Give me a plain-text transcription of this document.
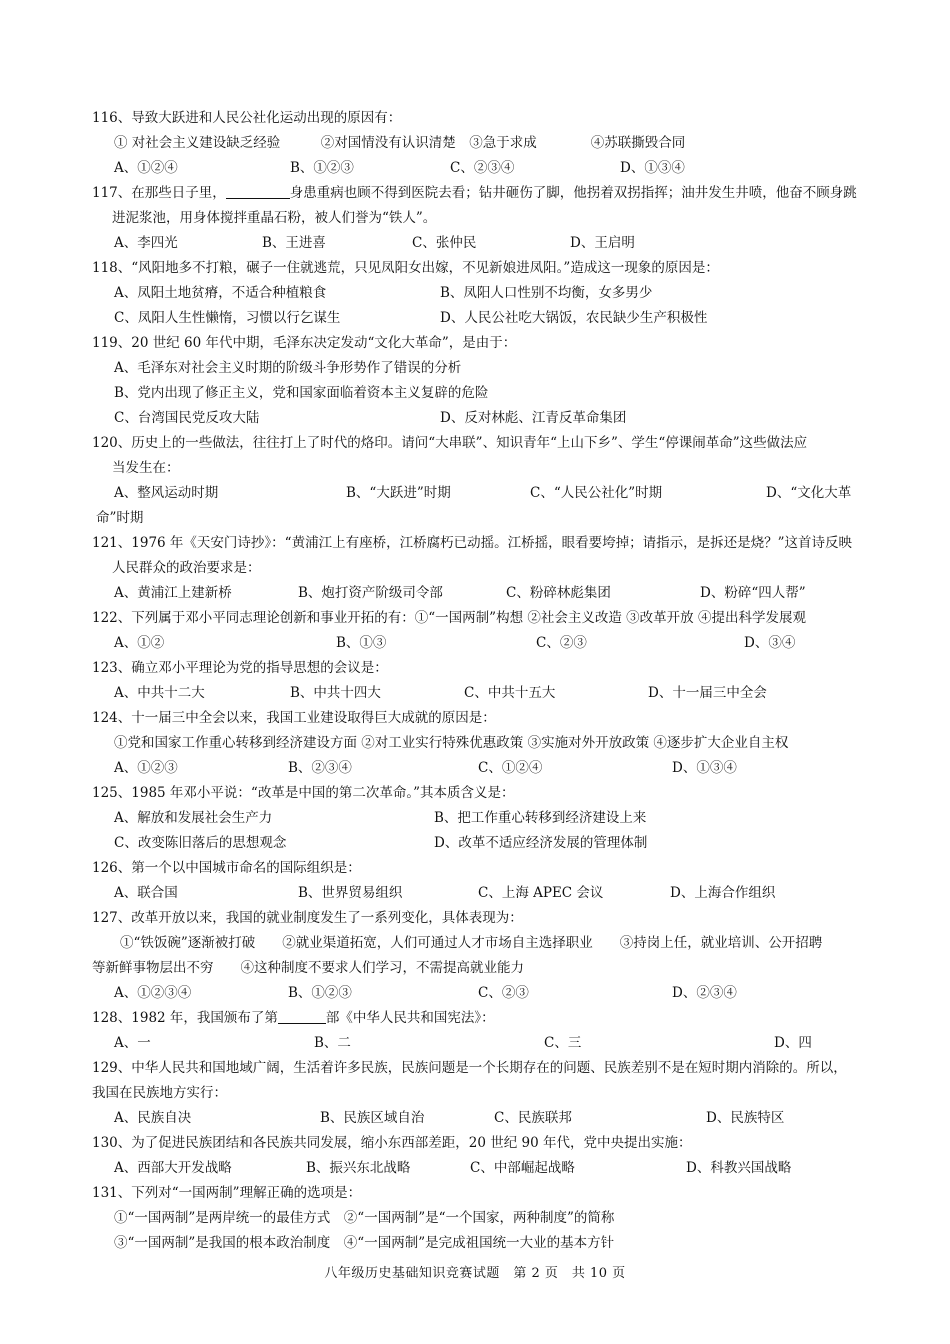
116、导致大跃进和人民公社化运动出现的原因有：
① 对社会主义建设缺乏经验　　　②对国情没有认识清楚　③急于求成　　　　④苏联撕毁合同
A、①②④	B、①②③	C、②③④	D、①③④
117、在那些日子里，	身患重病也顾不得到医院去看；钻井砸伤了脚，他拐着双拐指挥；油井发生井喷，他奋不顾身跳
进泥浆池，用身体搅拌重晶石粉，被人们誉为“铁人”。
A、李四光	B、王进喜	C、张仲民	D、王启明
118、“风阳地多不打粮，碾子一住就逃荒，只见凤阳女出嫁，不见新娘进凤阳。”造成这一现象的原因是：
A、凤阳土地贫瘠，不适合种植粮食	B、凤阳人口性别不均衡，女多男少
C、凤阳人生性懒惰，习惯以行乞谋生	D、人民公社吃大锅饭，农民缺少生产积极性
119、20 世纪 60 年代中期，毛泽东决定发动“文化大革命”，是由于：
A、毛泽东对社会主义时期的阶级斗争形势作了错误的分析
B、党内出现了修正主义，党和国家面临着资本主义复辟的危险
C、台湾国民党反攻大陆	D、反对林彪、江青反革命集团
120、历史上的一些做法，往往打上了时代的烙印。请问“大串联”、知识青年“上山下乡”、学生“停课闹革命”这些做法应
当发生在：
A、整风运动时期	B、“大跃进”时期	C、“人民公社化”时期	D、“文化大革
命”时期
121、1976 年《天安门诗抄》：“黄浦江上有座桥，江桥腐朽已动摇。江桥摇，眼看要垮掉；请指示，是拆还是烧？”这首诗反映
人民群众的政治要求是：
A、黄浦江上建新桥	B、炮打资产阶级司令部	C、粉碎林彪集团	D、粉碎“四人帮”
122、下列属于邓小平同志理论创新和事业开拓的有：①“一国两制”构想 ②社会主义改造 ③改革开放 ④提出科学发展观
A、①②	B、①③	C、②③	D、③④
123、确立邓小平理论为党的指导思想的会议是：
A、中共十二大	B、中共十四大	C、中共十五大	D、十一届三中全会
124、十一届三中全会以来，我国工业建设取得巨大成就的原因是：
①党和国家工作重心转移到经济建设方面 ②对工业实行特殊优惠政策 ③实施对外开放政策 ④逐步扩大企业自主权
A、①②③	B、②③④	C、①②④	D、①③④
125、1985 年邓小平说：“改革是中国的第二次革命。”其本质含义是：
A、解放和发展社会生产力	B、把工作重心转移到经济建设上来
C、改变陈旧落后的思想观念	D、改革不适应经济发展的管理体制
126、第一个以中国城市命名的国际组织是：
A、联合国	B、世界贸易组织	C、上海 APEC 会议	D、上海合作组织
127、改革开放以来，我国的就业制度发生了一系列变化，具体表现为：
①“铁饭碗”逐渐被打破　　②就业渠道拓宽，人们可通过人才市场自主选择职业　　③持岗上任，就业培训、公开招聘
等新鲜事物层出不穷　　④这种制度不要求人们学习，不需提高就业能力
A、①②③④	B、①②③	C、②③	D、②③④
128、1982 年，我国颁布了第	部《中华人民共和国宪法》：
A、一	B、二	C、三	D、四
129、中华人民共和国地域广阔，生活着许多民族，民族问题是一个长期存在的问题、民族差别不是在短时期内消除的。所以，
我国在民族地方实行：
A、民族自决	B、民族区域自治	C、民族联邦	D、民族特区
130、为了促进民族团结和各民族共同发展，缩小东西部差距，20 世纪 90 年代，党中央提出实施：
A、西部大开发战略	B、振兴东北战略	C、中部崛起战略	D、科教兴国战略
131、下列对“一国两制”理解正确的选项是：
①“一国两制”是两岸统一的最佳方式　②“一国两制”是“一个国家，两种制度”的简称
③“一国两制”是我国的根本政治制度　④“一国两制”是完成祖国统一大业的基本方针
八年级历史基础知识竞赛试题　第 2 页　共 10 页
